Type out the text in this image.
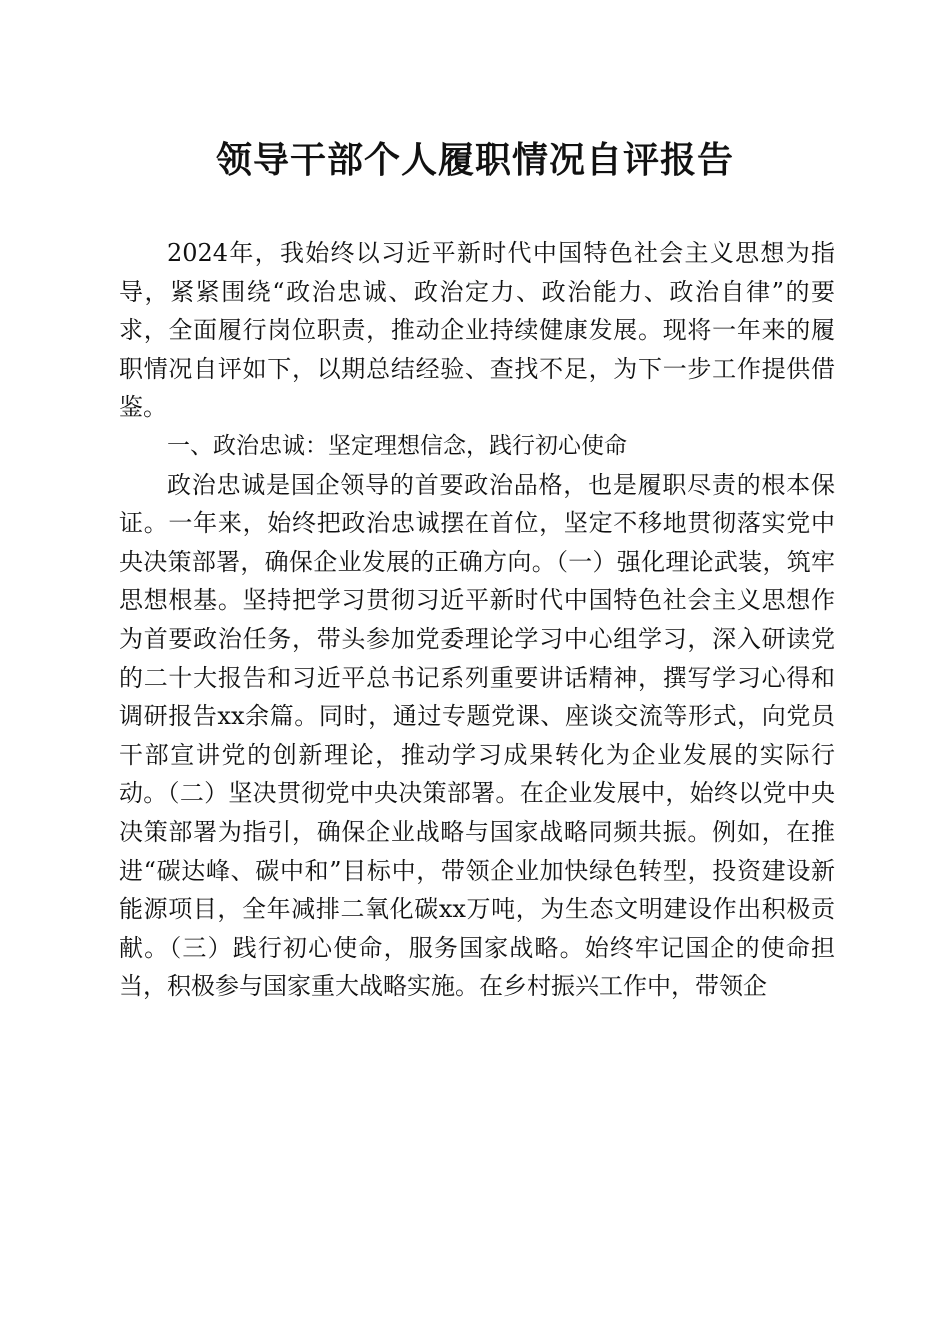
领导干部个人履职情况自评报告

2024年，我始终以习近平新时代中国特色社会主义思想为指导，紧紧围绕“政治忠诚、政治定力、政治能力、政治自律”的要求，全面履行岗位职责，推动企业持续健康发展。现将一年来的履职情况自评如下，以期总结经验、查找不足，为下一步工作提供借鉴。

一、政治忠诚：坚定理想信念，践行初心使命

政治忠诚是国企领导的首要政治品格，也是履职尽责的根本保证。一年来，始终把政治忠诚摆在首位，坚定不移地贯彻落实党中央决策部署，确保企业发展的正确方向。（一）强化理论武装，筑牢思想根基。坚持把学习贯彻习近平新时代中国特色社会主义思想作为首要政治任务，带头参加党委理论学习中心组学习，深入研读党的二十大报告和习近平总书记系列重要讲话精神，撰写学习心得和调研报告xx余篇。同时，通过专题党课、座谈交流等形式，向党员干部宣讲党的创新理论，推动学习成果转化为企业发展的实际行动。（二）坚决贯彻党中央决策部署。在企业发展中，始终以党中央决策部署为指引，确保企业战略与国家战略同频共振。例如，在推进“碳达峰、碳中和”目标中，带领企业加快绿色转型，投资建设新能源项目，全年减排二氧化碳xx万吨，为生态文明建设作出积极贡献。（三）践行初心使命，服务国家战略。始终牢记国企的使命担当，积极参与国家重大战略实施。在乡村振兴工作中，带领企
